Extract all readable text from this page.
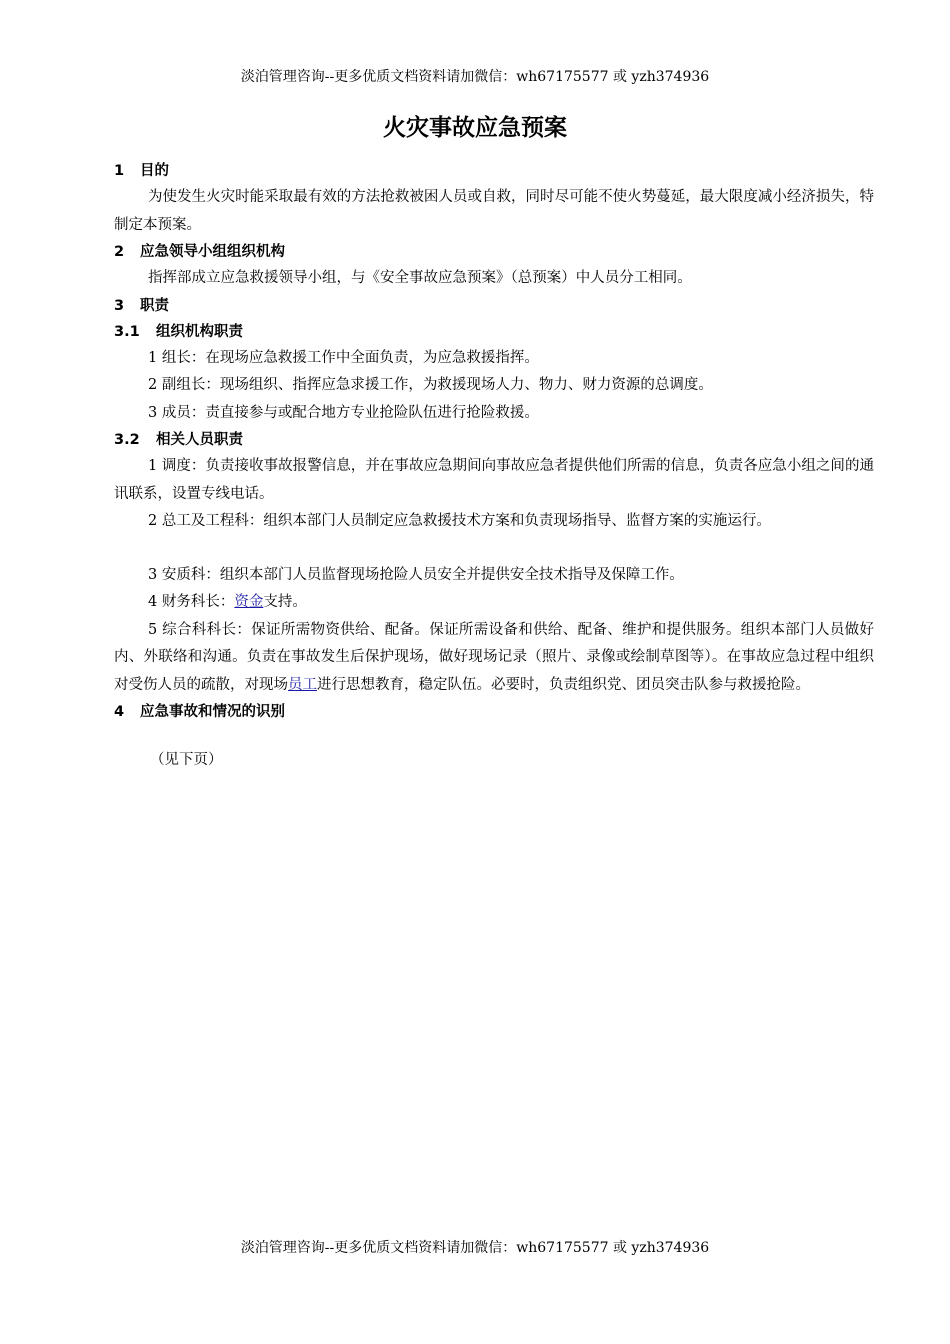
淡泊管理咨询--更多优质文档资料请加微信：wh67175577 或 yzh374936
火灾事故应急预案
1 目的
为使发生火灾时能采取最有效的方法抢救被困人员或自救，同时尽可能不使火势蔓延，最大限度减小经济损失，特制定本预案。
2 应急领导小组组织机构
指挥部成立应急救援领导小组，与《安全事故应急预案》（总预案）中人员分工相同。
3 职责
3.1 组织机构职责
1 组长：在现场应急救援工作中全面负责，为应急救援指挥。
2 副组长：现场组织、指挥应急求援工作，为救援现场人力、物力、财力资源的总调度。
3 成员：责直接参与或配合地方专业抢险队伍进行抢险救援。
3.2 相关人员职责
1 调度：负责接收事故报警信息，并在事故应急期间向事故应急者提供他们所需的信息，负责各应急小组之间的通讯联系，设置专线电话。
2 总工及工程科：组织本部门人员制定应急救援技术方案和负责现场指导、监督方案的实施运行。
3 安质科：组织本部门人员监督现场抢险人员安全并提供安全技术指导及保障工作。
4 财务科长：资金支持。
5 综合科科长：保证所需物资供给、配备。保证所需设备和供给、配备、维护和提供服务。组织本部门人员做好内、外联络和沟通。负责在事故发生后保护现场，做好现场记录（照片、录像或绘制草图等）。在事故应急过程中组织对受伤人员的疏散，对现场员工进行思想教育，稳定队伍。必要时，负责组织党、团员突击队参与救援抢险。
4 应急事故和情况的识别
（见下页）
淡泊管理咨询--更多优质文档资料请加微信：wh67175577 或 yzh374936
